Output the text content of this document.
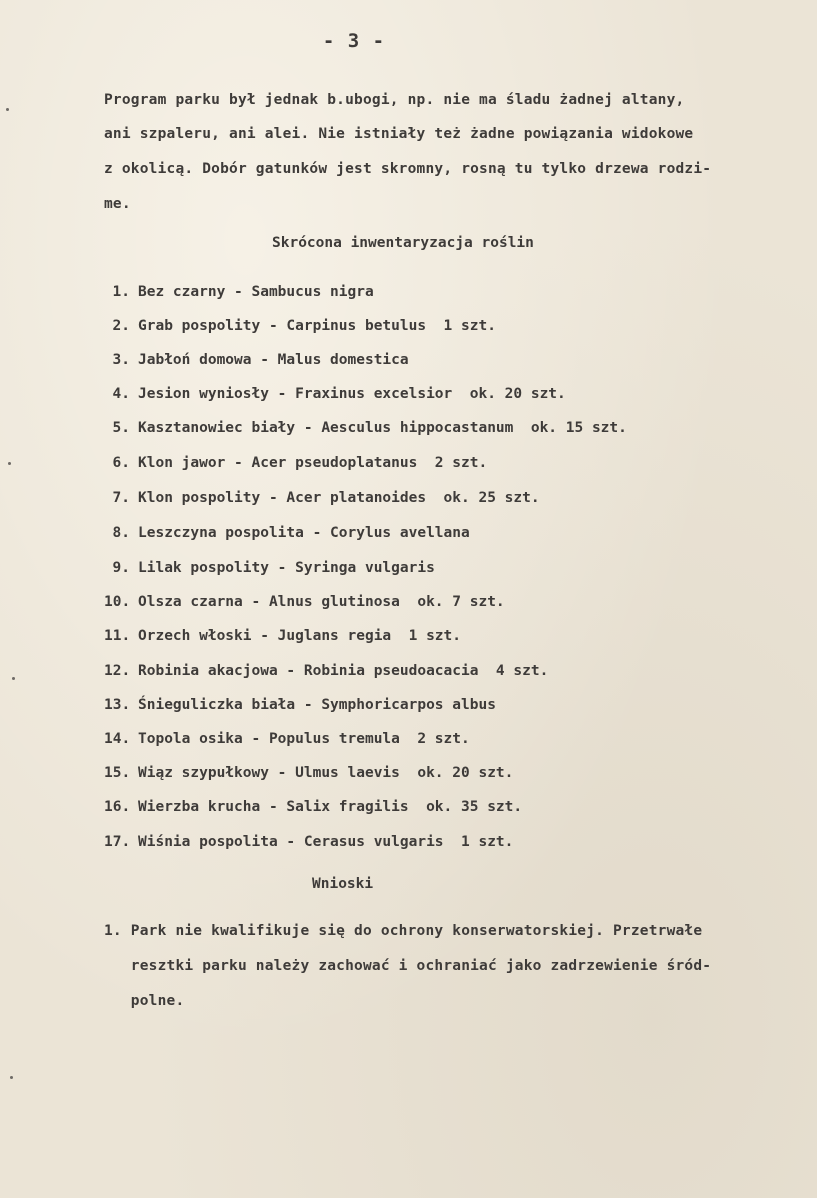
- 3 -
Program parku był jednak b.ubogi, np. nie ma śladu żadnej altany,
ani szpaleru, ani alei. Nie istniały też żadne powiązania widokowe
z okolicą. Dobór gatunków jest skromny, rosną tu tylko drzewa rodzi-
me.
Skrócona inwentaryzacja roślin
1. Bez czarny - Sambucus nigra
2. Grab pospolity - Carpinus betulus  1 szt.
3. Jabłoń domowa - Malus domestica
4. Jesion wyniosły - Fraxinus excelsior  ok. 20 szt.
5. Kasztanowiec biały - Aesculus hippocastanum  ok. 15 szt.
6. Klon jawor - Acer pseudoplatanus  2 szt.
7. Klon pospolity - Acer platanoides  ok. 25 szt.
8. Leszczyna pospolita - Corylus avellana
9. Lilak pospolity - Syringa vulgaris
10. Olsza czarna - Alnus glutinosa  ok. 7 szt.
11. Orzech włoski - Juglans regia  1 szt.
12. Robinia akacjowa - Robinia pseudoacacia  4 szt.
13. Śnieguliczka biała - Symphoricarpos albus
14. Topola osika - Populus tremula  2 szt.
15. Wiąz szypułkowy - Ulmus laevis  ok. 20 szt.
16. Wierzba krucha - Salix fragilis  ok. 35 szt.
17. Wiśnia pospolita - Cerasus vulgaris  1 szt.
Wnioski
1. Park nie kwalifikuje się do ochrony konserwatorskiej. Przetrwałe
resztki parku należy zachować i ochraniać jako zadrzewienie śród-
polne.
